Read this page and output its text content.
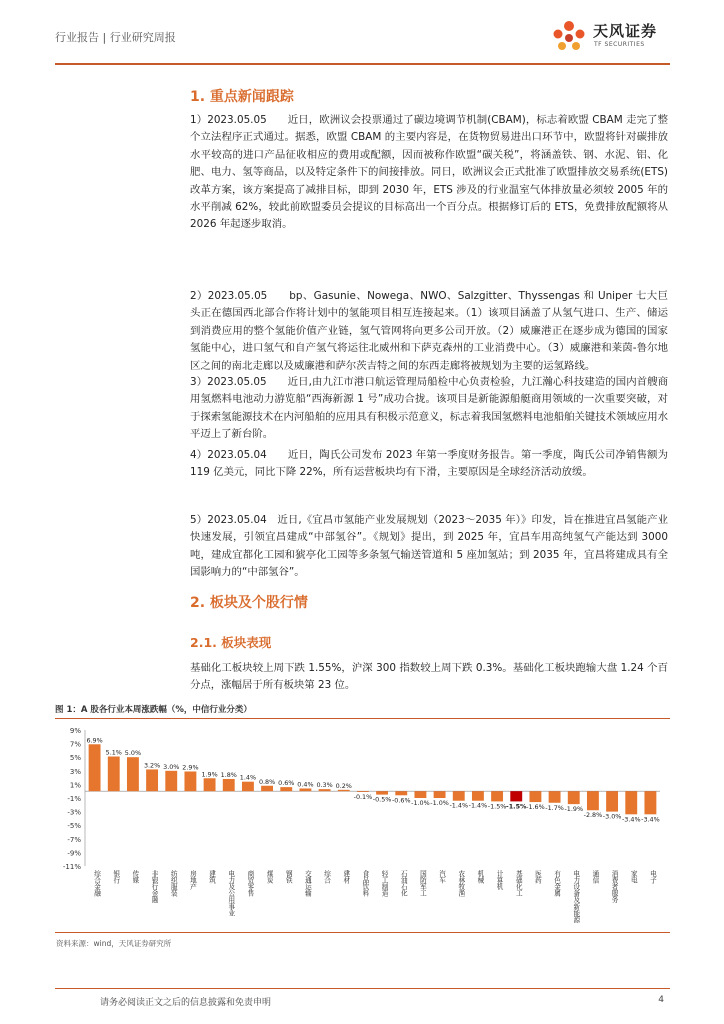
行业报告 | 行业研究周报	天风证券
TF SECURITIES
1. 重点新闻跟踪
1）2023.05.05　　近日，欧洲议会投票通过了碳边境调节机制(CBAM)，标志着欧盟 CBAM 走完了整个立法程序正式通过。据悉，欧盟 CBAM 的主要内容是，在货物贸易进出口环节中，欧盟将针对碳排放水平较高的进口产品征收相应的费用或配额，因而被称作欧盟“碳关税”，将涵盖铁、钢、水泥、铝、化肥、电力、氢等商品，以及特定条件下的间接排放。同日，欧洲议会正式批准了欧盟排放交易系统(ETS)改革方案，该方案提高了减排目标，即到 2030 年，ETS 涉及的行业温室气体排放量必须较 2005 年的水平削减 62%，较此前欧盟委员会提议的目标高出一个百分点。根据修订后的 ETS，免费排放配额将从 2026 年起逐步取消。
2）2023.05.05　　bp、Gasunie、Nowega、NWO、Salzgitter、Thyssengas 和 Uniper 七大巨头正在德国西北部合作将计划中的氢能项目相互连接起来。（1）该项目涵盖了从氢气进口、生产、储运到消费应用的整个氢能价值产业链，氢气管网将向更多公司开放。（2）威廉港正在逐步成为德国的国家氢能中心，进口氢气和自产氢气将运往北威州和下萨克森州的工业消费中心。（3）威廉港和莱茵-鲁尔地区之间的南北走廊以及威廉港和萨尔茨吉特之间的东西走廊将被规划为主要的运氢路线。
3）2023.05.05　　近日,由九江市港口航运管理局船检中心负责检验，九江瀚心科技建造的国内首艘商用氢燃料电池动力游览船“西海新源 1 号”成功合拢。该项目是新能源船艇商用领域的一次重要突破，对于探索氢能源技术在内河船舶的应用具有积极示范意义，标志着我国氢燃料电池船舶关键技术领域应用水平迈上了新台阶。
4）2023.05.04　　近日，陶氏公司发布 2023 年第一季度财务报告。第一季度，陶氏公司净销售额为 119 亿美元，同比下降 22%，所有运营板块均有下滑，主要原因是全球经济活动放缓。
5）2023.05.04　近日,《宜昌市氢能产业发展规划（2023～2035 年）》印发，旨在推进宜昌氢能产业快速发展，引领宜昌建成“中部氢谷”。《规划》提出，到 2025 年，宜昌车用高纯氢气产能达到 3000 吨，建成宜都化工园和猇亭化工园等多条氢气输送管道和 5 座加氢站；到 2035 年，宜昌将建成具有全国影响力的“中部氢谷”。
2. 板块及个股行情
2.1. 板块表现
基础化工板块较上周下跌 1.55%，沪深 300 指数较上周下跌 0.3%。基础化工板块跑输大盘 1.24 个百分点，涨幅居于所有板块第 23 位。
图 1：A 股各行业本周涨跌幅（%，中信行业分类）
9%
7%
5%
3%
1%
-1%
-3%
-5%
-7%
-9%
-11%
6.9%
综合金融
5.1%
银行
5.0%
传媒
3.2%
非银行金融
3.0%
纺织服装
2.9%
房地产
1.9%
建筑
1.8%
电力及公用事业
1.4%
商贸零售
0.8%
煤炭
0.6%
钢铁
0.4%
交通运输
0.3%
综合
0.2%
建材
-0.1%
食品饮料
-0.5%
轻工制造
-0.6%
石油石化
-1.0%
国防军工
-1.0%
汽车
-1.4%
农林牧渔
-1.4%
机械
-1.5%
计算机
-1.5%
基础化工
-1.6%
医药
-1.7%
有色金属
-1.9%
电力设备及新能源
-2.8%
通信
-3.0%
消费者服务
-3.4%
家电
-3.4%
电子
资料来源：wind，天风证券研究所
请务必阅读正文之后的信息披露和免责申明	4
